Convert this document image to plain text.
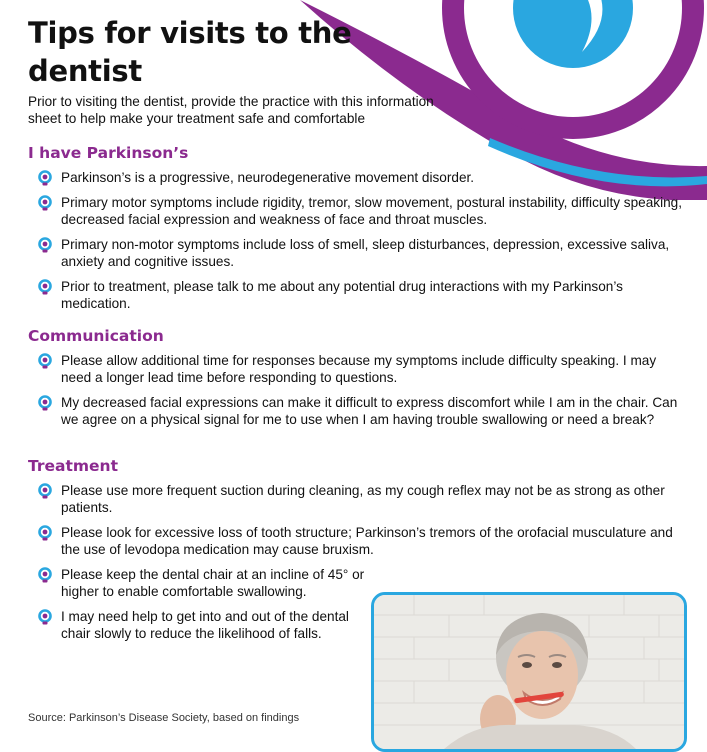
Tips for visits to the dentist
Prior to visiting the dentist, provide the practice with this information sheet to help make your treatment safe and comfortable
I have Parkinson’s
Parkinson’s is a progressive, neurodegenerative movement disorder.
Primary motor symptoms include rigidity, tremor, slow movement, postural instability, difficulty speaking, decreased facial expression and weakness of face and throat muscles.
Primary non-motor symptoms include loss of smell, sleep disturbances, depression, excessive saliva, anxiety and cognitive issues.
Prior to treatment, please talk to me about any potential drug interactions with my Parkinson’s medication.
Communication
Please allow additional time for responses because my symptoms include difficulty speaking. I may need a longer lead time before responding to questions.
My decreased facial expressions can make it difficult to express discomfort while I am in the chair. Can we agree on a physical signal for me to use when I am having trouble swallowing or need a break?
Treatment
Please use more frequent suction during cleaning, as my cough reflex may not be as strong as other patients.
Please look for excessive loss of tooth structure; Parkinson’s tremors of the orofacial musculature and the use of levodopa medication may cause bruxism.
Please keep the dental chair at an incline of 45° or higher to enable comfortable swallowing.
I may need help to get into and out of the dental chair slowly to reduce the likelihood of falls.
Source: Parkinson’s Disease Society, based on findings
